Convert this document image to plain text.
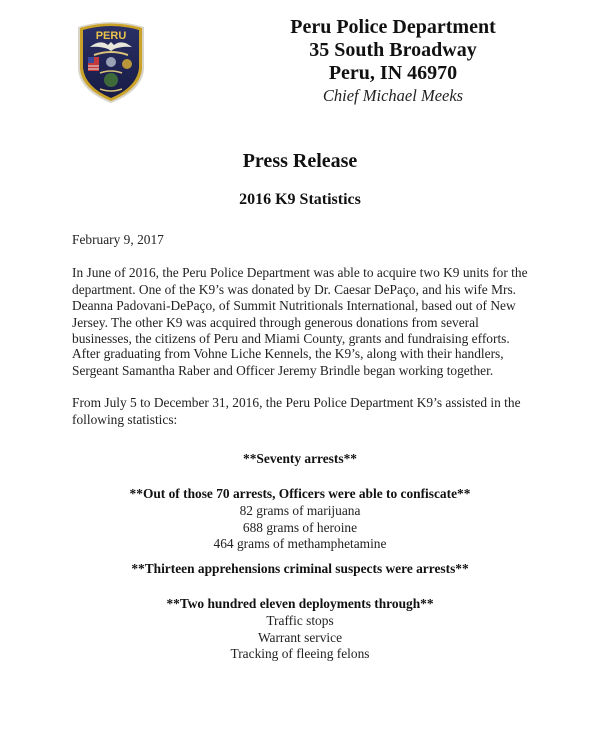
PERU	Peru Police Department
35 South Broadway
Peru, IN 46970
Chief Michael Meeks
Press Release
2016 K9 Statistics
February 9, 2017
In June of 2016, the Peru Police Department was able to acquire two K9 units for the department. One of the K9’s was donated by Dr. Caesar DePaço, and his wife Mrs. Deanna Padovani-DePaço, of Summit Nutritionals International, based out of New Jersey. The other K9 was acquired through generous donations from several businesses, the citizens of Peru and Miami County, grants and fundraising efforts.
After graduating from Vohne Liche Kennels, the K9’s, along with their handlers, Sergeant Samantha Raber and Officer Jeremy Brindle began working together.
From July 5 to December 31, 2016, the Peru Police Department K9’s assisted in the following statistics:
**Seventy arrests**
**Out of those 70 arrests, Officers were able to confiscate**
82 grams of marijuana
688 grams of heroine
464 grams of methamphetamine
**Thirteen apprehensions criminal suspects were arrests**
**Two hundred eleven deployments through**
Traffic stops
Warrant service
Tracking of fleeing felons
